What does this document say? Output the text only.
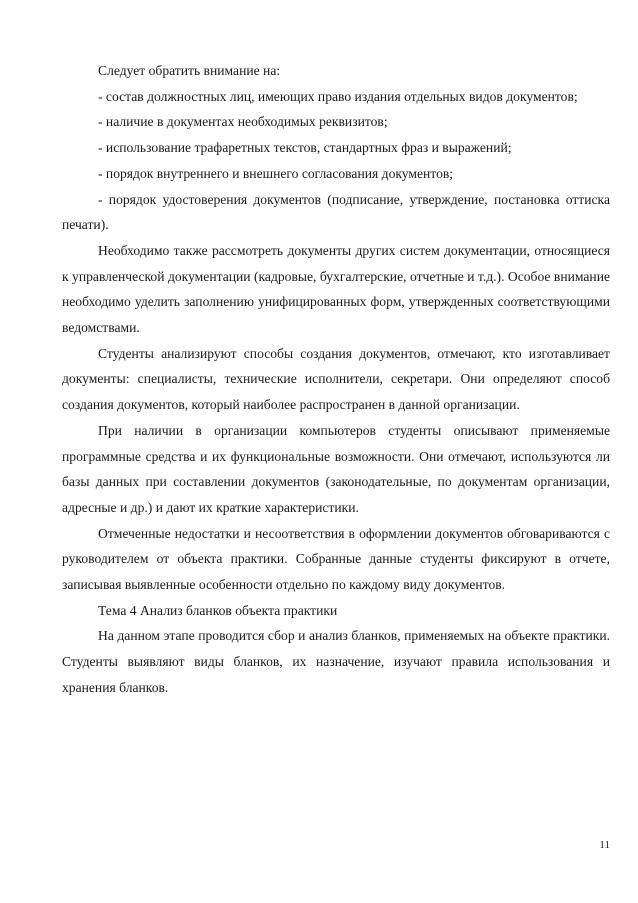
Следует обратить внимание на:

- состав должностных лиц, имеющих право издания отдельных видов документов;

- наличие в документах необходимых реквизитов;

- использование трафаретных текстов, стандартных фраз и выражений;

- порядок внутреннего и внешнего согласования документов;

- порядок удостоверения документов (подписание, утверждение, постановка оттиска печати).

Необходимо также рассмотреть документы других систем документации, относящиеся к управленческой документации (кадровые, бухгалтерские, отчетные и т.д.). Особое внимание необходимо уделить заполнению унифицированных форм, утвержденных соответствующими ведомствами.

Студенты анализируют способы создания документов, отмечают, кто изготавливает документы: специалисты, технические исполнители, секретари. Они определяют способ создания документов, который наиболее распространен в данной организации.

При наличии в организации компьютеров студенты описывают применяемые программные средства и их функциональные возможности. Они отмечают, используются ли базы данных при составлении документов (законодательные, по документам организации, адресные и др.) и дают их краткие характеристики.

Отмеченные недостатки и несоответствия в оформлении документов обговариваются с руководителем от объекта практики. Собранные данные студенты фиксируют в отчете, записывая выявленные особенности отдельно по каждому виду документов.

Тема 4 Анализ бланков объекта практики

На данном этапе проводится сбор и анализ бланков, применяемых на объекте практики. Студенты выявляют виды бланков, их назначение, изучают правила использования и хранения бланков.

11
